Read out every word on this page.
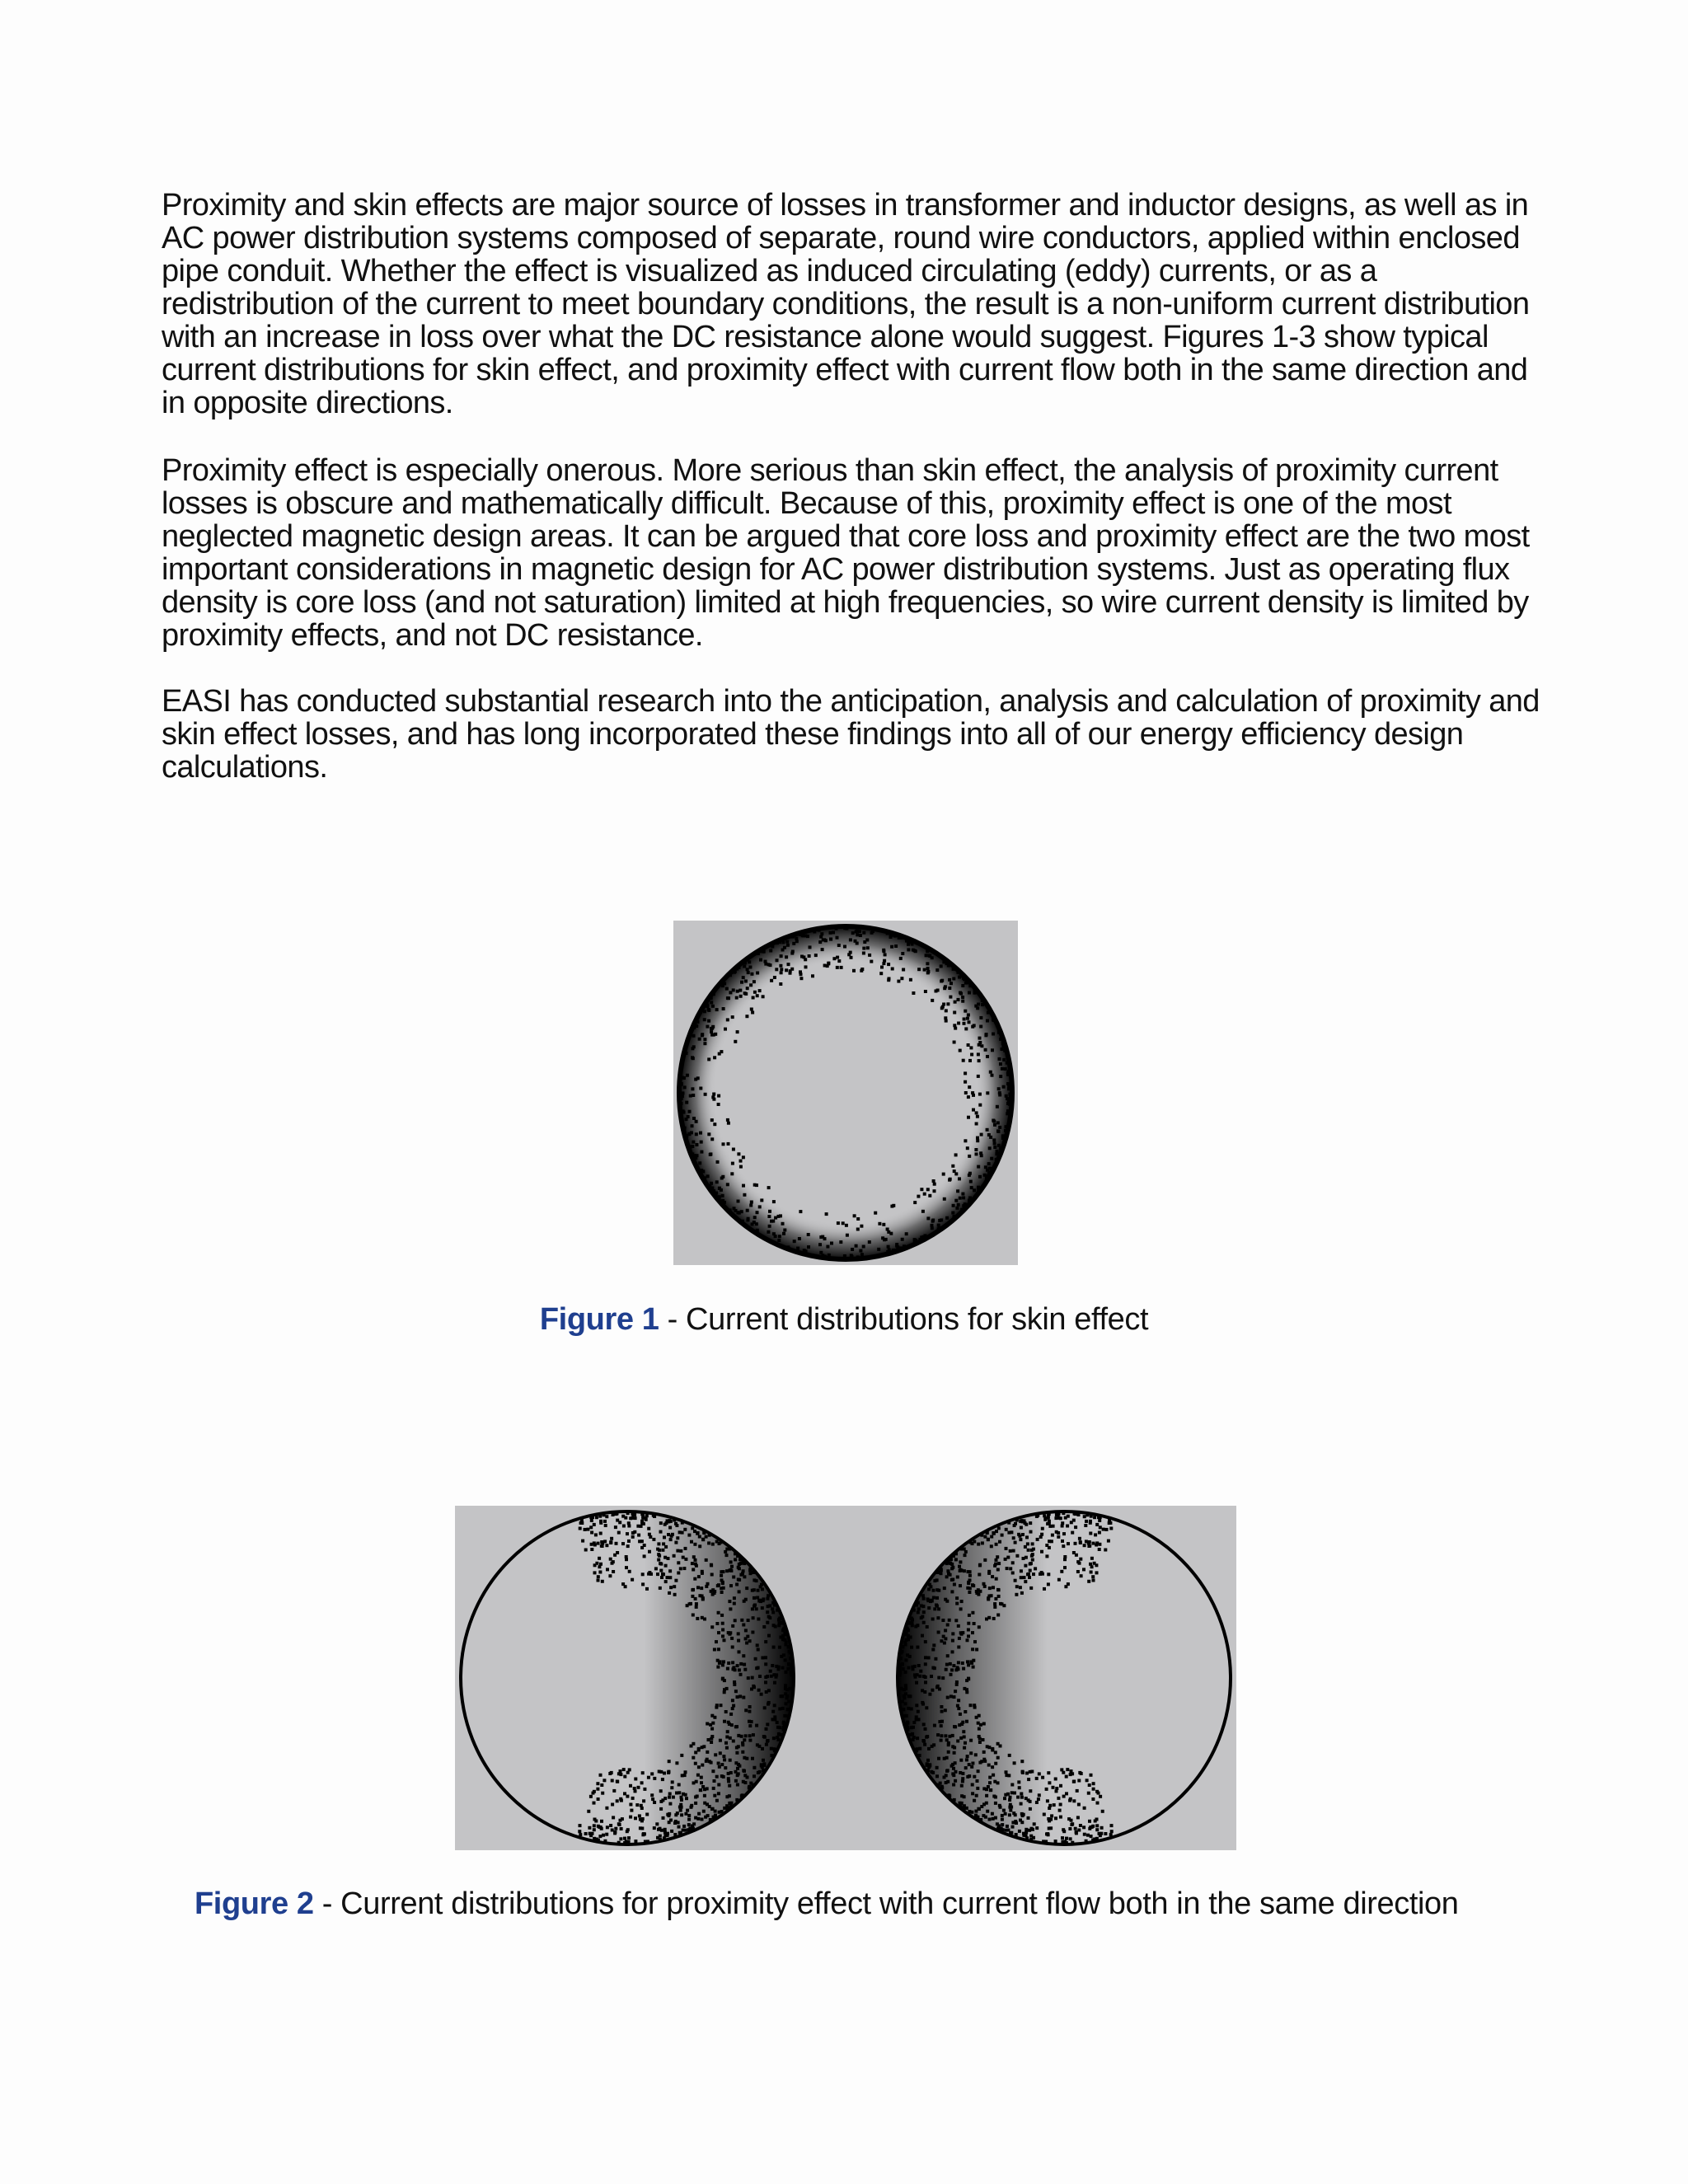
Proximity and skin effects are major source of losses in transformer and inductor designs, as well as in AC power distribution systems composed of separate, round wire conductors, applied within enclosed pipe conduit. Whether the effect is visualized as induced circulating (eddy) currents, or as a redistribution of the current to meet boundary conditions, the result is a non-uniform current distribution with an increase in loss over what the DC resistance alone would suggest. Figures 1-3 show typical current distributions for skin effect, and proximity effect with current flow both in the same direction and in opposite directions.

Proximity effect is especially onerous. More serious than skin effect, the analysis of proximity current losses is obscure and mathematically difficult. Because of this, proximity effect is one of the most neglected magnetic design areas. It can be argued that core loss and proximity effect are the two most important considerations in magnetic design for AC power distribution systems. Just as operating flux density is core loss (and not saturation) limited at high frequencies, so wire current density is limited by proximity effects, and not DC resistance.

EASI has conducted substantial research into the anticipation, analysis and calculation of proximity and skin effect losses, and has long incorporated these findings into all of our energy efficiency design calculations.

Figure 1 - Current distributions for skin effect
Figure 2 - Current distributions for proximity effect with current flow both in the same direction
